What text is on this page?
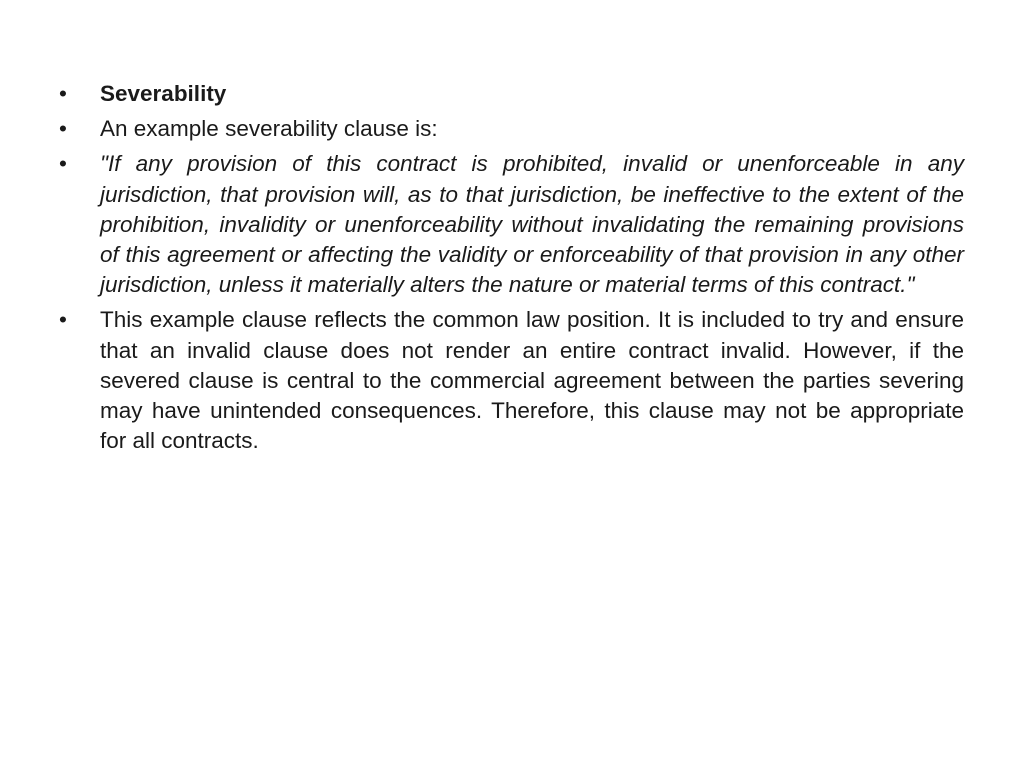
•	Severability
•	An example severability clause is:
•	"If any provision of this contract is prohibited, invalid or unenforceable in any jurisdiction, that provision will, as to that jurisdiction, be ineffective to the extent of the prohibition, invalidity or unenforceability without invalidating the remaining provisions of this agreement or affecting the validity or enforceability of that provision in any other jurisdiction, unless it materially alters the nature or material terms of this contract."
•	This example clause reflects the common law position. It is included to try and ensure that an invalid clause does not render an entire contract invalid. However, if the severed clause is central to the commercial agreement between the parties severing may have unintended consequences. Therefore, this clause may not be appropriate for all contracts.
